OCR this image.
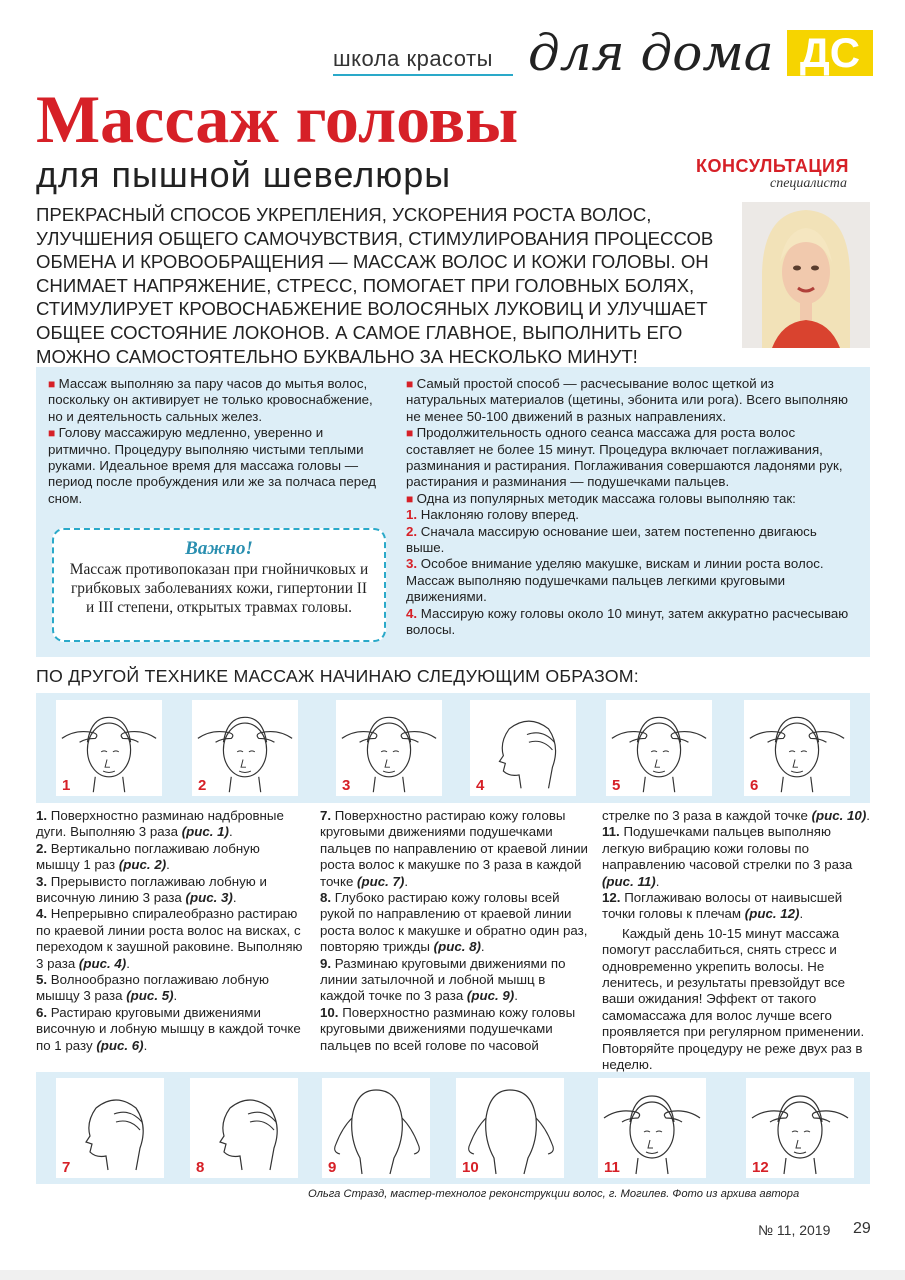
школа красоты для дома ДС
Массаж головы
для пышной шевелюры	КОНСУЛЬТАЦИЯ
специалиста
ПРЕКРАСНЫЙ СПОСОБ УКРЕПЛЕНИЯ, УСКОРЕНИЯ РОСТА ВОЛОС, УЛУЧШЕНИЯ ОБЩЕГО САМОЧУВСТВИЯ, СТИМУЛИРОВАНИЯ ПРОЦЕССОВ ОБМЕНА И КРОВООБРАЩЕНИЯ — МАССАЖ ВОЛОС И КОЖИ ГОЛОВЫ. ОН СНИМАЕТ НАПРЯЖЕНИЕ, СТРЕСС, ПОМОГАЕТ ПРИ ГОЛОВНЫХ БОЛЯХ, СТИМУЛИРУЕТ КРОВОСНАБЖЕНИЕ ВОЛОСЯНЫХ ЛУКОВИЦ И УЛУЧШАЕТ ОБЩЕЕ СОСТОЯНИЕ ЛОКОНОВ. А САМОЕ ГЛАВНОЕ, ВЫПОЛНИТЬ ЕГО МОЖНО САМОСТОЯТЕЛЬНО БУКВАЛЬНО ЗА НЕСКОЛЬКО МИНУТ!

■ Массаж выполняю за пару часов до мытья волос, поскольку он активирует не только кровоснабжение, но и деятельность сальных желез.

■ Голову массажирую медленно, уверенно и ритмично. Процедуру выполняю чистыми теплыми руками. Идеальное время для массажа головы — период после пробуждения или же за полчаса перед сном.

Важно!
Массаж противопоказан при гнойничковых и грибковых заболеваниях кожи, гипертонии II и III степени, открытых травмах головы.

■ Самый простой способ — расчесывание волос щеткой из натуральных материалов (щетины, эбонита или рога). Всего выполняю не менее 50-100 движений в разных направлениях.

■ Продолжительность одного сеанса массажа для роста волос составляет не более 15 минут. Процедура включает поглаживания, разминания и растирания. Поглаживания совершаются ладонями рук, растирания и разминания — подушечками пальцев.

■ Одна из популярных методик массажа головы выполняю так:

1. Наклоняю голову вперед.

2. Сначала массирую основание шеи, затем постепенно двигаюсь выше.

3. Особое внимание уделяю макушке, вискам и линии роста волос. Массаж выполняю подушечками пальцев легкими круговыми движениями.

4. Массирую кожу головы около 10 минут, затем аккуратно расчесываю волосы.

ПО ДРУГОЙ ТЕХНИКЕ МАССАЖ НАЧИНАЮ СЛЕДУЮЩИМ ОБРАЗОМ:
1	2	3	4	5	6

1. Поверхностно разминаю надбровные дуги. Выполняю 3 раза (рис. 1).

2. Вертикально поглаживаю лобную мышцу 1 раз (рис. 2).

3. Прерывисто поглаживаю лобную и височную линию 3 раза (рис. 3).

4. Непрерывно спиралеобразно растираю по краевой линии роста волос на висках, с переходом к заушной раковине. Выполняю 3 раза (рис. 4).

5. Волнообразно поглаживаю лобную мышцу 3 раза (рис. 5).

6. Растираю круговыми движениями височную и лобную мышцу в каждой точке по 1 разу (рис. 6).

7. Поверхностно растираю кожу головы круговыми движениями подушечками пальцев по направлению от краевой линии роста волос к макушке по 3 раза в каждой точке (рис. 7).

8. Глубоко растираю кожу головы всей рукой по направлению от краевой линии роста волос к макушке и обратно один раз, повторяю трижды (рис. 8).

9. Разминаю круговыми движениями по линии затылочной и лобной мышц в каждой точке по 3 раза (рис. 9).

10. Поверхностно разминаю кожу головы круговыми движениями подушечками пальцев по всей голове по часовой

стрелке по 3 раза в каждой точке (рис. 10).

11. Подушечками пальцев выполняю легкую вибрацию кожи головы по направлению часовой стрелки по 3 раза (рис. 11).

12. Поглаживаю волосы от наивысшей точки головы к плечам (рис. 12).

Каждый день 10-15 минут массажа помогут расслабиться, снять стресс и одновременно укрепить волосы. Не ленитесь, и результаты превзойдут все ваши ожидания! Эффект от такого самомассажа для волос лучше всего проявляется при регулярном применении. Повторяйте процедуру не реже двух раз в неделю.

7	8	9	10	11	12
Ольга Стразд, мастер-технолог реконструкции волос, г. Могилев. Фото из архива автора
№ 11, 2019 29
